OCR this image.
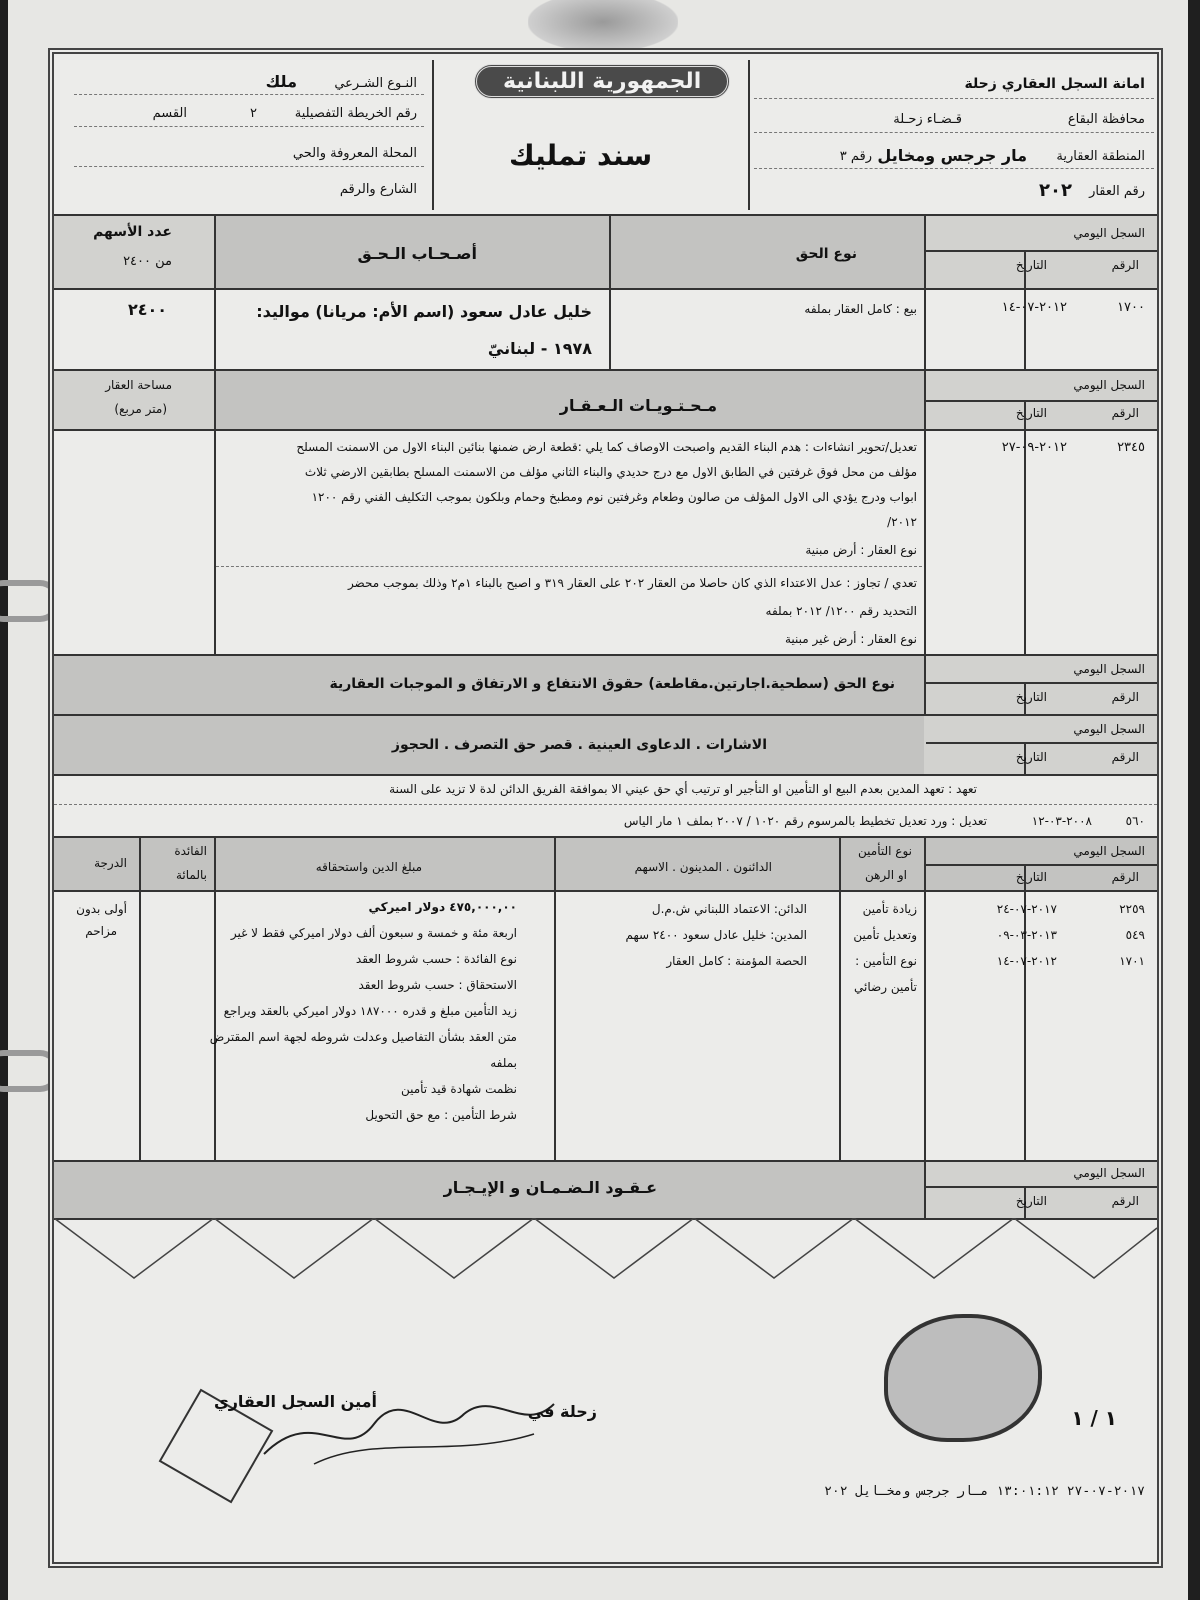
الجمهورية اللبنانية
سند تمليك
امانة السجل العقاري زحلة
محافظة البقاع
قـضـاء زحـلة
المنطقة العقارية
مار جرجس ومخايل
رقم ٣
رقم العقار
٢٠٢
النـوع الشـرعي
ملك
رقم الخريطة التفصيلية
٢
القسم
المحلة المعروفة والحي
الشارع والرقم
السجل اليومي
الرقم
التاريخ
نوع الحق
أصـحـاب الـحـق
عدد الأسهم
من ٢٤٠٠
١٧٠٠
٢٠١٢-٠٧-١٤
بيع : كامل العقار بملفه
خليل عادل سعود (اسم الأم: مريانا) مواليد:
١٩٧٨ - لبنانيّ
٢٤٠٠
السجل اليومي
الرقم
التاريخ
مـحـتـويـات الـعـقـار
مساحة العقار
(متر مربع)
٢٣٤٥
٢٠١٢-٠٩-٢٧
تعديل/تحوير انشاءات : هدم البناء القديم واصبحت الاوصاف كما يلي :قطعة ارض ضمنها بنائين البناء الاول من الاسمنت المسلح
مؤلف من محل فوق غرفتين في الطابق الاول مع درج حديدي والبناء الثاني مؤلف من الاسمنت المسلح بطابقين الارضي ثلاث
ابواب ودرج يؤدي الى الاول المؤلف من صالون وطعام وغرفتين نوم ومطبخ وحمام وبلكون بموجب التكليف الفني رقم ١٢٠٠
٢٠١٢/
نوع العقار : أرض مبنية
تعدي / تجاوز : عدل الاعتداء الذي كان حاصلا من العقار ٢٠٢ على العقار ٣١٩ و اصبح بالبناء ١م٢ وذلك بموجب محضر
التحديد رقم ١٢٠٠/ ٢٠١٢ بملفه
نوع العقار : أرض غير مبنية
السجل اليومي
الرقم
التاريخ
نوع الحق (سطحية.اجارتين.مقاطعة) حقوق الانتفاع و الارتفاق و الموجبات العقارية
السجل اليومي
الرقم
التاريخ
الاشارات . الدعاوى العينية . قصر حق التصرف . الحجوز
تعهد : تعهد المدين بعدم البيع او التأمين او التأجير او ترتيب أي حق عيني الا بموافقة الفريق الدائن لدة لا تزيد على السنة
٥٦٠
٢٠٠٨-٠٣-١٢
تعديل : ورد تعديل تخطيط بالمرسوم رقم ١٠٢٠ / ٢٠٠٧ بملف ١ مار الياس
السجل اليومي
الرقم
التاريخ
نوع التأمين
او الرهن
الدائنون . المدينون . الاسهم
مبلغ الدين واستحقاقه
الفائدة
بالمائة
الدرجة
٢٢٥٩
٥٤٩
١٧٠١
٢٠١٧-٠٧-٢٤
٢٠١٣-٠٣-٠٩
٢٠١٢-٠٧-١٤
زيادة تأمين
وتعديل تأمين
نوع التأمين :
تأمين رضائي
الدائن: الاعتماد اللبناني ش.م.ل
المدين: خليل عادل سعود ٢٤٠٠ سهم
الحصة المؤمنة : كامل العقار
٤٧٥,٠٠٠,٠٠ دولار اميركي
اربعة مئة و خمسة و سبعون ألف دولار اميركي فقط لا غير
نوع الفائدة : حسب شروط العقد
الاستحقاق : حسب شروط العقد
زيد التأمين مبلغ و قدره ١٨٧٠٠٠ دولار اميركي بالعقد ويراجع
متن العقد بشأن التفاصيل وعدلت شروطه لجهة اسم المقترض
بملفه
نظمت شهادة قيد تأمين
شرط التأمين : مع حق التحويل
أولى بدون
مزاحم
السجل اليومي
الرقم
التاريخ
عـقـود الـضـمـان و الإيـجـار
زحلة في
أمين السجل العقاري
١ / ١
٢٠١٧-٠٧-٢٧ ١٣:٠١:١٢ مـار جرجس ومخـايل ٢٠٢
